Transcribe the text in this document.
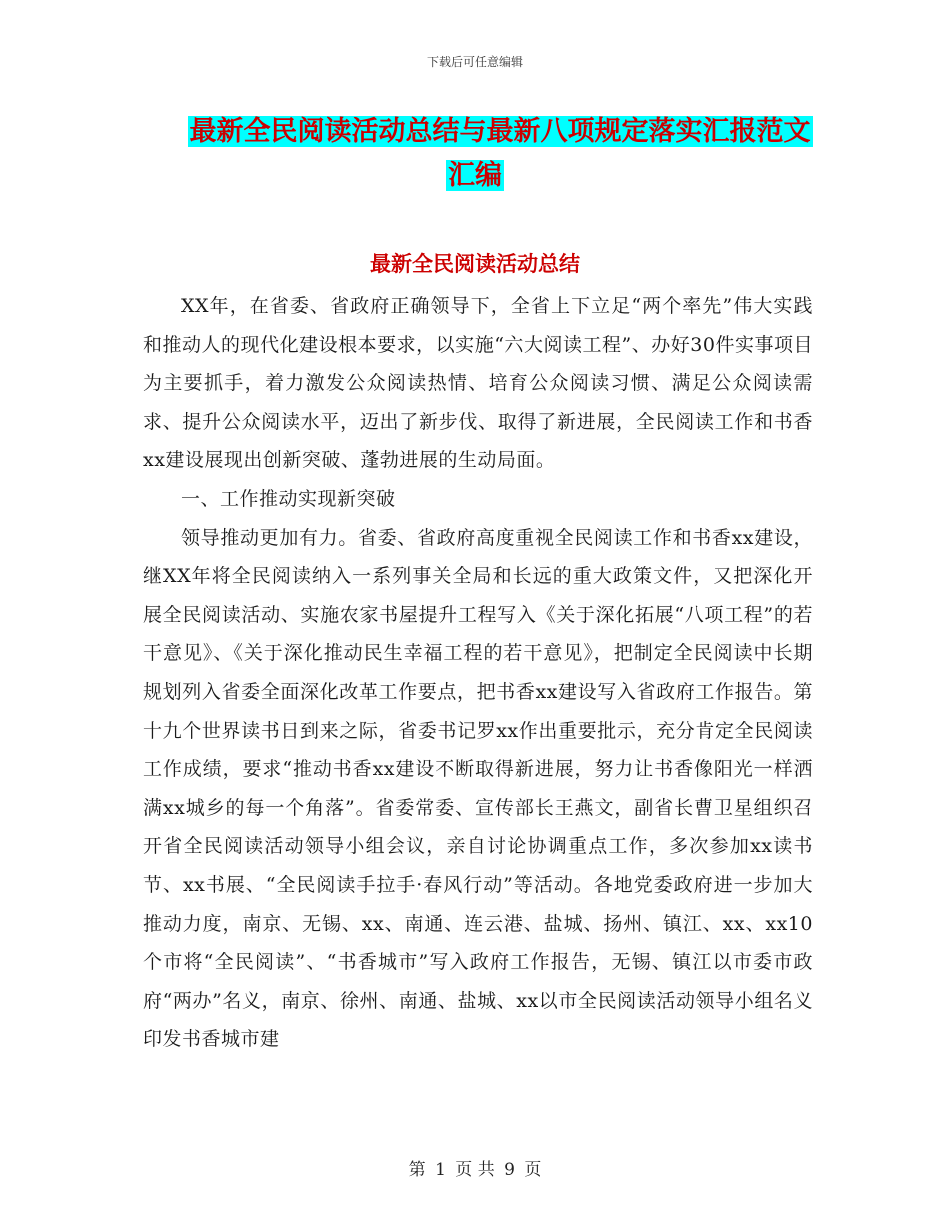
下载后可任意编辑
最新全民阅读活动总结与最新八项规定落实汇报范文
汇编
最新全民阅读活动总结

XX年，在省委、省政府正确领导下，全省上下立足“两个率先”伟大实践和推动人的现代化建设根本要求，以实施“六大阅读工程”、办好30件实事项目为主要抓手，着力激发公众阅读热情、培育公众阅读习惯、满足公众阅读需求、提升公众阅读水平，迈出了新步伐、取得了新进展，全民阅读工作和书香xx建设展现出创新突破、蓬勃进展的生动局面。

一、工作推动实现新突破

领导推动更加有力。省委、省政府高度重视全民阅读工作和书香xx建设，继XX年将全民阅读纳入一系列事关全局和长远的重大政策文件，又把深化开展全民阅读活动、实施农家书屋提升工程写入《关于深化拓展“八项工程”的若干意见》、《关于深化推动民生幸福工程的若干意见》，把制定全民阅读中长期规划列入省委全面深化改革工作要点，把书香xx建设写入省政府工作报告。第十九个世界读书日到来之际，省委书记罗xx作出重要批示，充分肯定全民阅读工作成绩，要求“推动书香xx建设不断取得新进展，努力让书香像阳光一样洒满xx城乡的每一个角落”。省委常委、宣传部长王燕文，副省长曹卫星组织召开省全民阅读活动领导小组会议，亲自讨论协调重点工作，多次参加xx读书节、xx书展、“全民阅读手拉手·春风行动”等活动。各地党委政府进一步加大推动力度，南京、无锡、xx、南通、连云港、盐城、扬州、镇江、xx、xx10个市将“全民阅读”、“书香城市”写入政府工作报告，无锡、镇江以市委市政府“两办”名义，南京、徐州、南通、盐城、xx以市全民阅读活动领导小组名义印发书香城市建

第 1 页 共 9 页
